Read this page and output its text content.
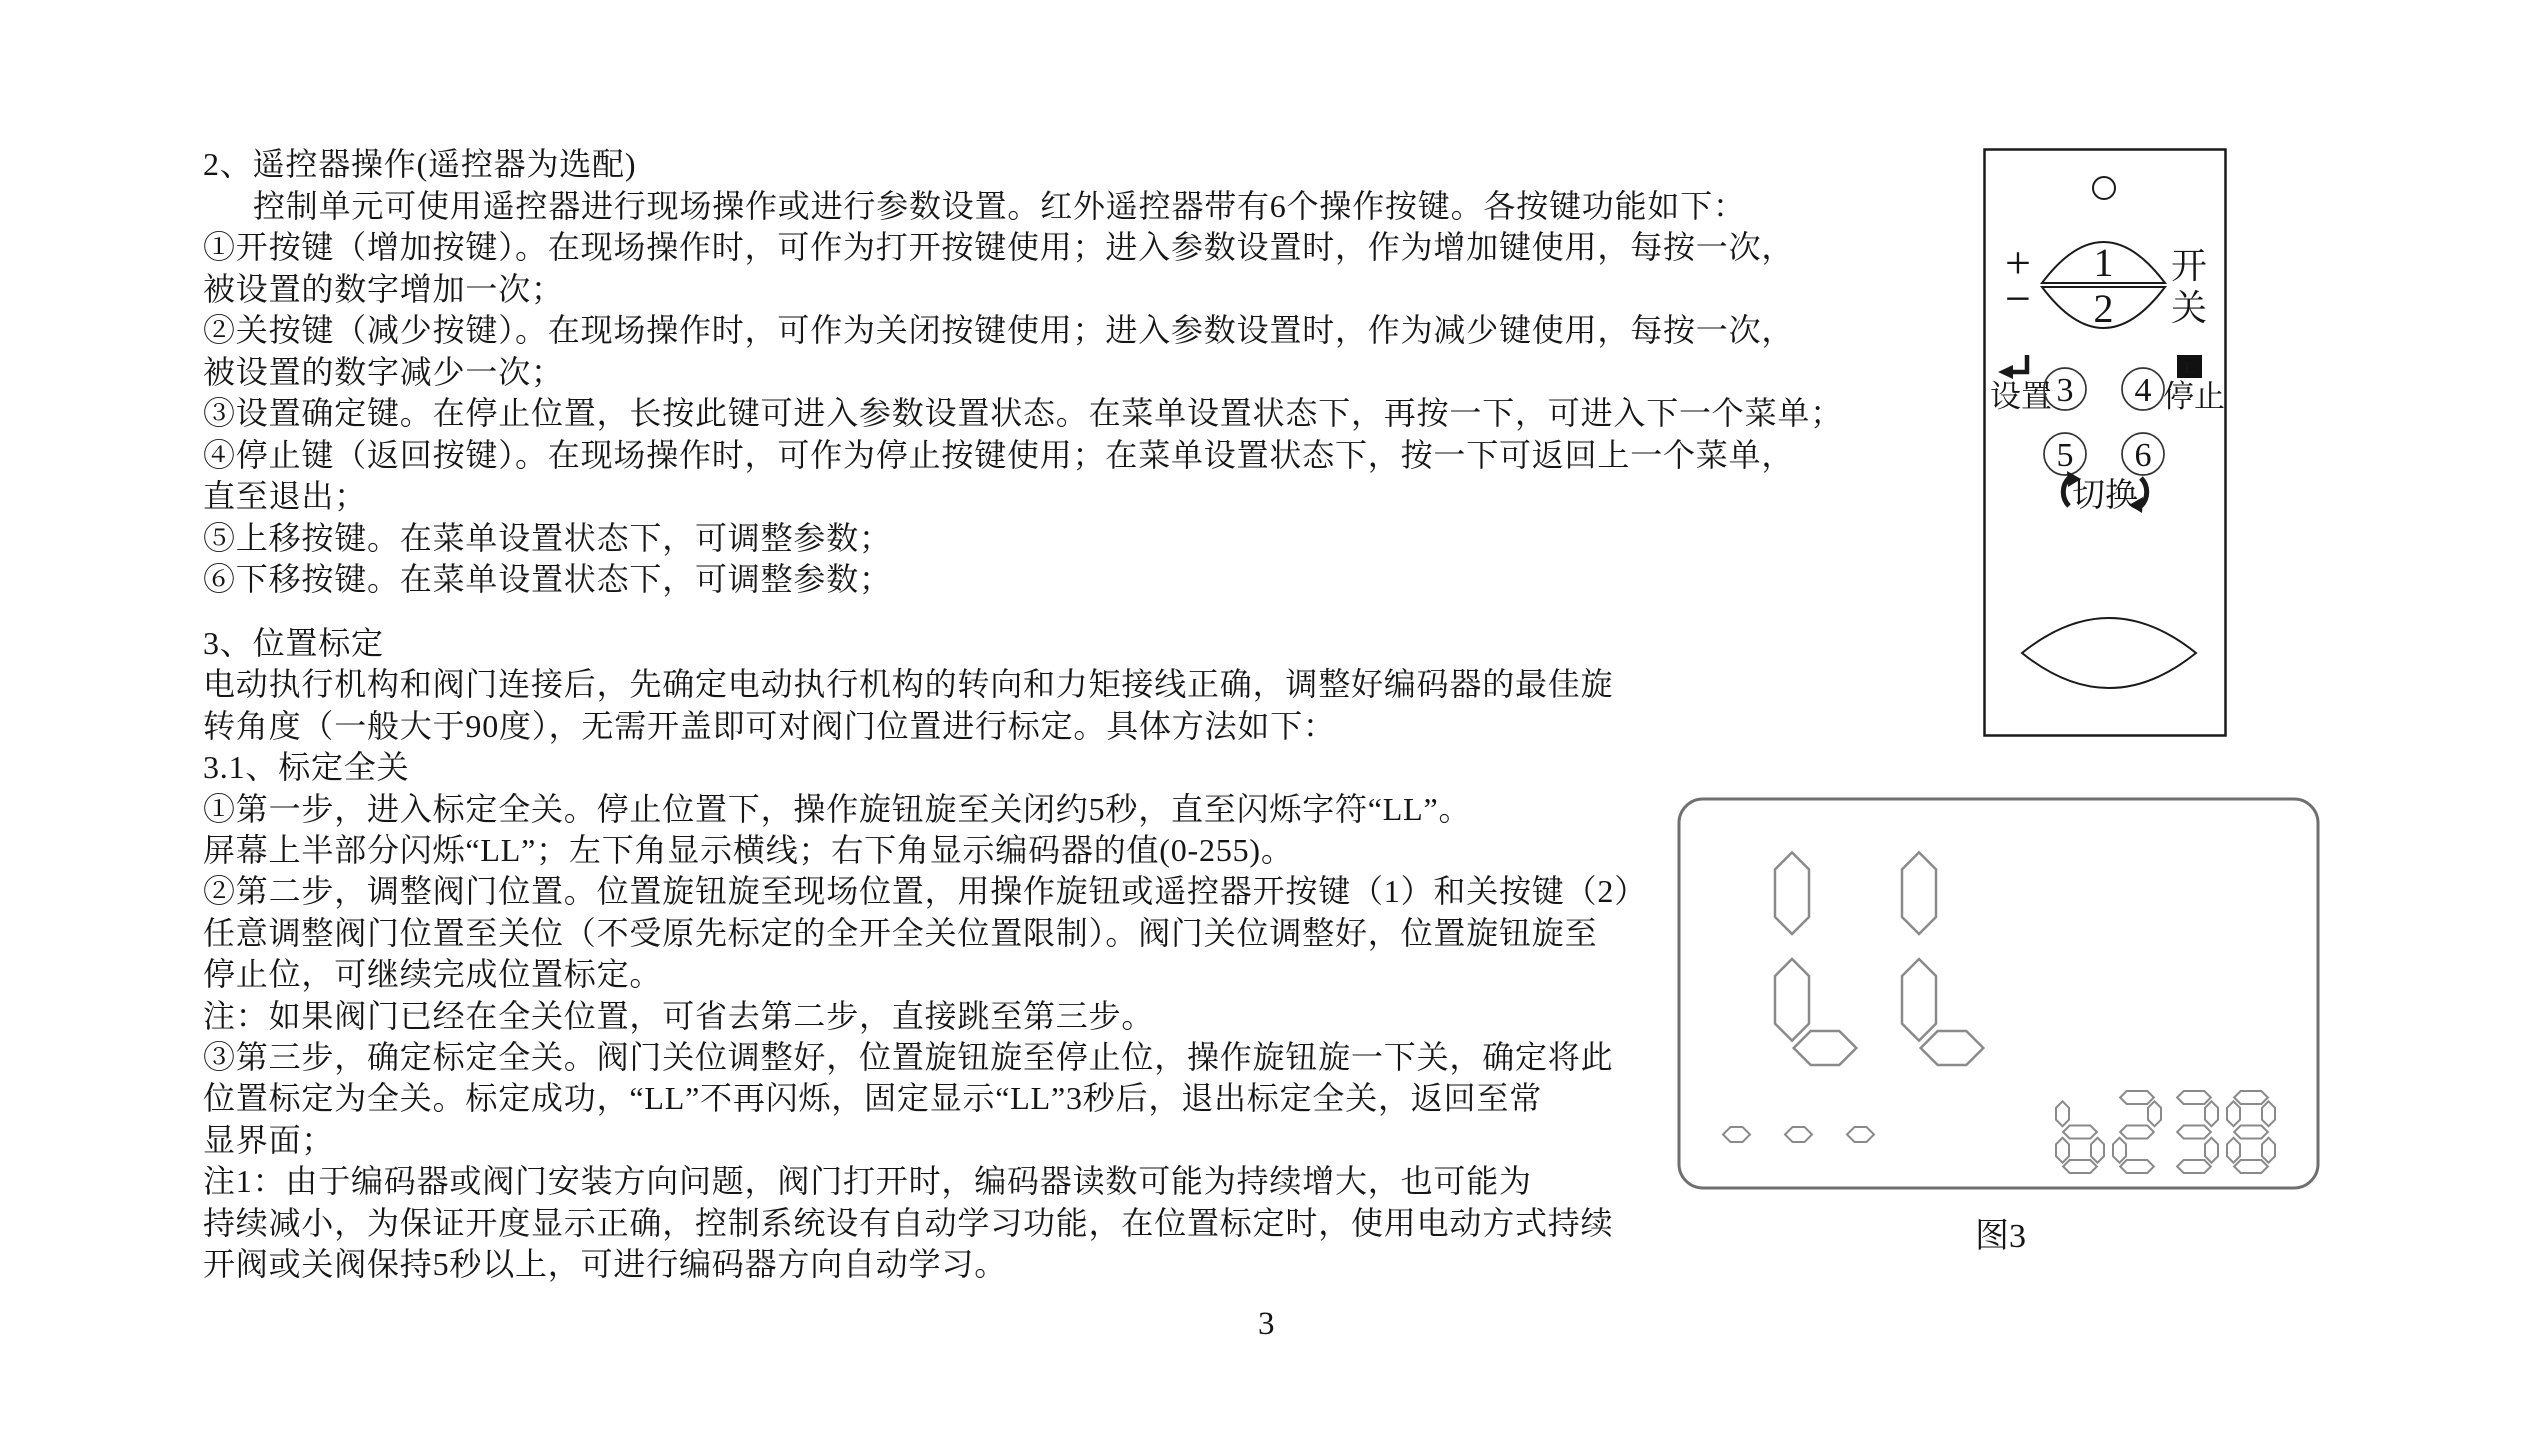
2、遥控器操作(遥控器为选配)
控制单元可使用遥控器进行现场操作或进行参数设置。红外遥控器带有6个操作按键。各按键功能如下：
①开按键（增加按键）。在现场操作时，可作为打开按键使用；进入参数设置时，作为增加键使用，每按一次，
被设置的数字增加一次；
②关按键（减少按键）。在现场操作时，可作为关闭按键使用；进入参数设置时，作为减少键使用，每按一次，
被设置的数字减少一次；
③设置确定键。在停止位置，长按此键可进入参数设置状态。在菜单设置状态下，再按一下，可进入下一个菜单；
④停止键（返回按键）。在现场操作时，可作为停止按键使用；在菜单设置状态下，按一下可返回上一个菜单，
直至退出；
⑤上移按键。在菜单设置状态下，可调整参数；
⑥下移按键。在菜单设置状态下，可调整参数；
3、位置标定
电动执行机构和阀门连接后，先确定电动执行机构的转向和力矩接线正确，调整好编码器的最佳旋
转角度（一般大于90度），无需开盖即可对阀门位置进行标定。具体方法如下：
3.1、标定全关
①第一步，进入标定全关。停止位置下，操作旋钮旋至关闭约5秒，直至闪烁字符“LL”。
屏幕上半部分闪烁“LL”；左下角显示横线；右下角显示编码器的值(0-255)。
②第二步，调整阀门位置。位置旋钮旋至现场位置，用操作旋钮或遥控器开按键（1）和关按键（2）
任意调整阀门位置至关位（不受原先标定的全开全关位置限制）。阀门关位调整好，位置旋钮旋至
停止位，可继续完成位置标定。
注：如果阀门已经在全关位置，可省去第二步，直接跳至第三步。
③第三步，确定标定全关。阀门关位调整好，位置旋钮旋至停止位，操作旋钮旋一下关，确定将此
位置标定为全关。标定成功，“LL”不再闪烁，固定显示“LL”3秒后，退出标定全关，返回至常
显界面；
注1：由于编码器或阀门安装方向问题，阀门打开时，编码器读数可能为持续增大，也可能为
持续减小，为保证开度显示正确，控制系统设有自动学习功能，在位置标定时，使用电动方式持续
开阀或关阀保持5秒以上，可进行编码器方向自动学习。
1
2
+
−
开
关
设置 3 4
L
停止
5 6
切换
图3
3
